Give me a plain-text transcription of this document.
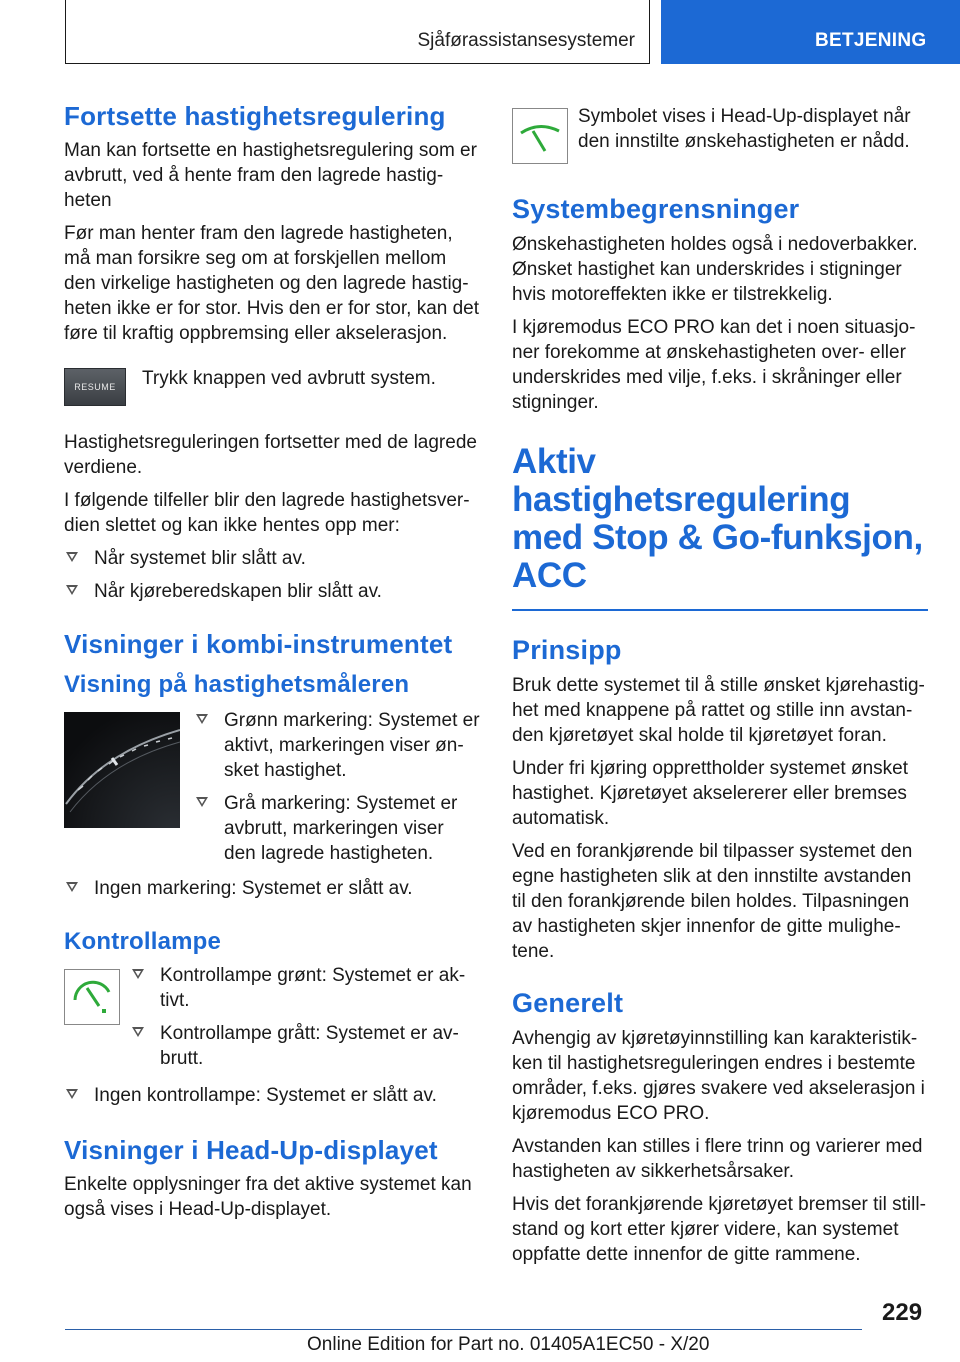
Sjåførassistansesystemer	BETJENING
Fortsette hastighetsregulering

Man kan fortsette en hastighetsregulering som er avbrutt, ved å hente fram den lagrede hastigheten

Før man henter fram den lagrede hastigheten, må man forsikre seg om at forskjellen mellom den virkelige hastigheten og den lagrede hastigheten ikke er for stor. Hvis den er for stor, kan det føre til kraftig oppbremsing eller akselerasjon.

RESUME Trykk knappen ved avbrutt system.

Hastighetsreguleringen fortsetter med de lagrede verdiene.

I følgende tilfeller blir den lagrede hastighetsverdien slettet og kan ikke hentes opp mer:

Når systemet blir slått av.
Når kjøreberedskapen blir slått av.
Visninger i kombi-instrumentet
Visning på hastighetsmåleren
Grønn markering: Systemet er aktivt, markeringen viser ønsket hastighet.
Grå markering: Systemet er avbrutt, markeringen viser den lagrede hastigheten.
Ingen markering: Systemet er slått av.
Kontrollampe
Kontrollampe grønt: Systemet er aktivt.
Kontrollampe grått: Systemet er avbrutt.
Ingen kontrollampe: Systemet er slått av.
Visninger i Head-Up-displayet

Enkelte opplysninger fra det aktive systemet kan også vises i Head-Up-displayet.

Symbolet vises i Head-Up-displayet når den innstilte ønskehastigheten er nådd.

Systembegrensninger

Ønskehastigheten holdes også i nedoverbakker. Ønsket hastighet kan underskrides i stigninger hvis motoreffekten ikke er tilstrekkelig.

I kjøremodus ECO PRO kan det i noen situasjoner forekomme at ønskehastigheten over- eller underskrides med vilje, f.eks. i skråninger eller stigninger.

Aktiv hastighetsregulering med Stop & Go-funksjon, ACC
Prinsipp

Bruk dette systemet til å stille ønsket kjørehastighet med knappene på rattet og stille inn avstanden kjøretøyet skal holde til kjøretøyet foran.

Under fri kjøring opprettholder systemet ønsket hastighet. Kjøretøyet akselererer eller bremses automatisk.

Ved en forankjørende bil tilpasser systemet den egne hastigheten slik at den innstilte avstanden til den forankjørende bilen holdes. Tilpasningen av hastigheten skjer innenfor de gitte mulighetene.

Generelt

Avhengig av kjøretøyinnstilling kan karakteristikken til hastighetsreguleringen endres i bestemte områder, f.eks. gjøres svakere ved akselerasjon i kjøremodus ECO PRO.

Avstanden kan stilles i flere trinn og varierer med hastigheten av sikkerhetsårsaker.

Hvis det forankjørende kjøretøyet bremser til stillstand og kort etter kjører videre, kan systemet oppfatte dette innenfor de gitte rammene.

229
Online Edition for Part no. 01405A1EC50 - X/20
